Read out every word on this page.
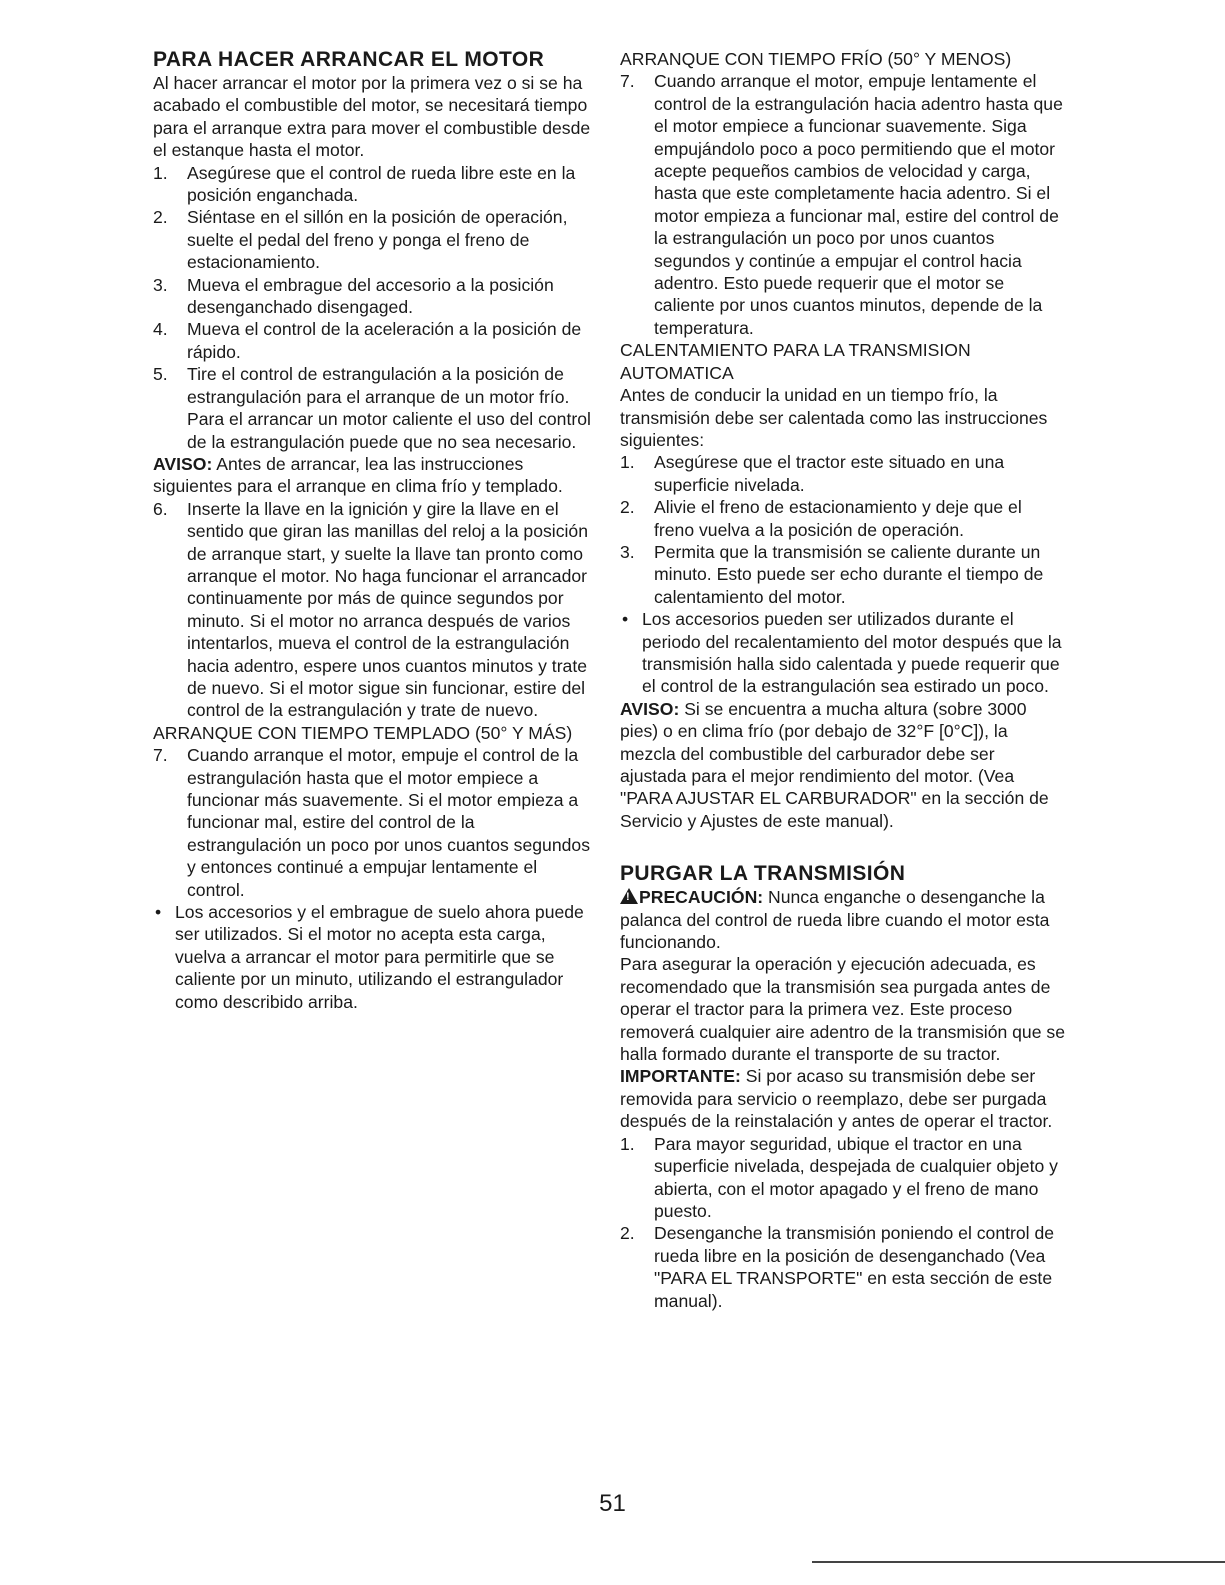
PARA HACER ARRANCAR EL MOTOR

Al hacer arrancar el motor por la primera vez o si se ha acabado el combustible del motor, se necesitará tiempo para el arranque extra para mover el combustible desde el estanque hasta el motor.

1.	Asegúrese que el control de rueda libre este en la posición enganchada.
2.	Siéntase en el sillón en la posición de operación, suelte el pedal del freno y ponga el freno de estacionamiento.
3.	Mueva el embrague del accesorio a la posición desenganchado disengaged.
4.	Mueva el control de la aceleración a la posición de rápido.
5.	Tire el control de estrangulación a la posición de estrangulación para el arranque de un motor frío. Para el arrancar un motor caliente el uso del control de la estrangulación puede que no sea necesario.

AVISO: Antes de arrancar, lea las instrucciones siguientes para el arranque en clima frío y templado.

6.	Inserte la llave en la ignición y gire la llave en el sentido que giran las manillas del reloj a la posición de arranque start, y suelte la llave tan pronto como arranque el motor. No haga funcionar el arrancador continuamente por más de quince segundos por minuto. Si el motor no arranca después de varios intentarlos, mueva el control de la estrangulación hacia adentro, espere unos cuantos minutos y trate de nuevo. Si el motor sigue sin funcionar, estire del control de la estrangulación y trate de nuevo.

ARRANQUE CON TIEMPO TEMPLADO (50° Y MÁS)

7.	Cuando arranque el motor, empuje el control de la estrangulación hasta que el motor empiece a funcionar más suavemente. Si el motor empieza a funcionar mal, estire del control de la estrangulación un poco por unos cuantos segundos y entonces continué a empujar lentamente el control.
• Los accesorios y el embrague de suelo ahora puede ser utilizados. Si el motor no acepta esta carga, vuelva a arrancar el motor para permitirle que se caliente por un minuto, utilizando el estrangulador como describido arriba.

ARRANQUE CON TIEMPO FRÍO (50° Y MENOS)

7.	Cuando arranque el motor, empuje lentamente el control de la estrangulación hacia adentro hasta que el motor empiece a funcionar suavemente. Siga empujándolo poco a poco permitiendo que el motor acepte pequeños cambios de velocidad y carga, hasta que este completamente hacia adentro. Si el motor empieza a funcionar mal, estire del control de la estrangulación un poco por unos cuantos segundos y continúe a empujar el control hacia adentro. Esto puede requerir que el motor se caliente por unos cuantos minutos, depende de la temperatura.

CALENTAMIENTO PARA LA TRANSMISION AUTOMATICA

Antes de conducir la unidad en un tiempo frío, la transmisión debe ser calentada como las instrucciones siguientes:

1.	Asegúrese que el tractor este situado en una superficie nivelada.
2.	Alivie el freno de estacionamiento y deje que el freno vuelva a la posición de operación.
3.	Permita que la transmisión se caliente durante un minuto. Esto puede ser echo durante el tiempo de calentamiento del motor.
• Los accesorios pueden ser utilizados durante el periodo del recalentamiento del motor después que la transmisión halla sido calentada y puede requerir que el control de la estrangulación sea estirado un poco.

AVISO: Si se encuentra a mucha altura (sobre 3000 pies) o en clima frío (por debajo de 32°F [0°C]), la mezcla del combustible del carburador debe ser ajustada para el mejor rendimiento del motor. (Vea "PARA AJUSTAR EL CARBURADOR" en la sección de Servicio y Ajustes de este manual).

PURGAR LA TRANSMISIÓN

!PRECAUCIÓN: Nunca enganche o desenganche la palanca del control de rueda libre cuando el motor esta funcionando.

Para asegurar la operación y ejecución adecuada, es recomendado que la transmisión sea purgada antes de operar el tractor para la primera vez. Este proceso removerá cualquier aire adentro de la transmisión que se halla formado durante el transporte de su tractor.

IMPORTANTE: Si por acaso su transmisión debe ser removida para servicio o reemplazo, debe ser purgada después de la reinstalación y antes de operar el tractor.

1.	Para mayor seguridad, ubique el tractor en una superficie nivelada, despejada de cualquier objeto y abierta, con el motor apagado y el freno de mano puesto.
2.	Desenganche la transmisión poniendo el control de rueda libre en la posición de desenganchado (Vea "PARA EL TRANSPORTE" en esta sección de este manual).
51
